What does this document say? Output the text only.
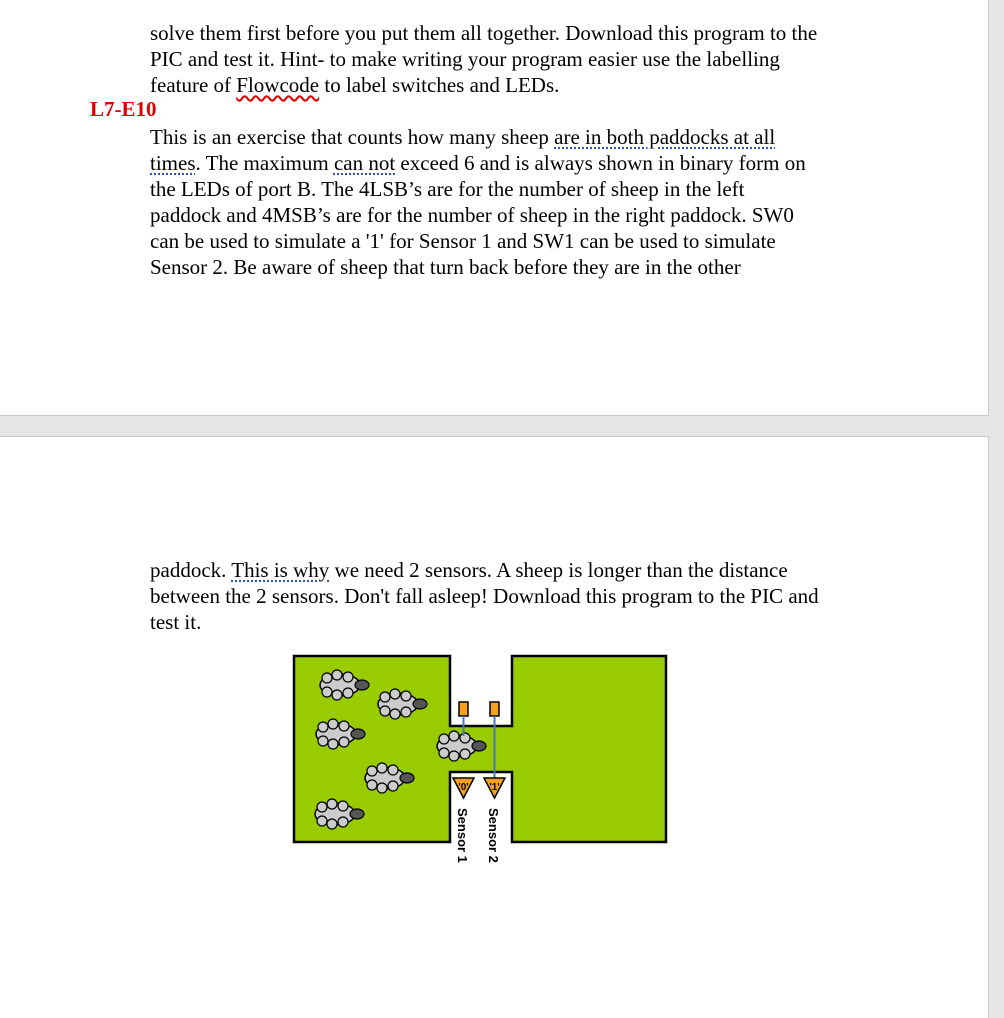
solve them first before you put them all together. Download this program to the
PIC and test it. Hint- to make writing your program easier use the labelling
feature of Flowcode to label switches and LEDs.

L7-E10

This is an exercise that counts how many sheep are in both paddocks at all
times. The maximum can not exceed 6 and is always shown in binary form on
the LEDs of port B. The 4LSB’s are for the number of sheep in the left
paddock and 4MSB’s are for the number of sheep in the right paddock. SW0
can be used to simulate a '1' for Sensor 1 and SW1 can be used to simulate
Sensor 2. Be aware of sheep that turn back before they are in the other

paddock. This is why we need 2 sensors. A sheep is longer than the distance
between the 2 sensors. Don't fall asleep! Download this program to the PIC and
test it.

'0' '1'
Sensor 1 Sensor 2
